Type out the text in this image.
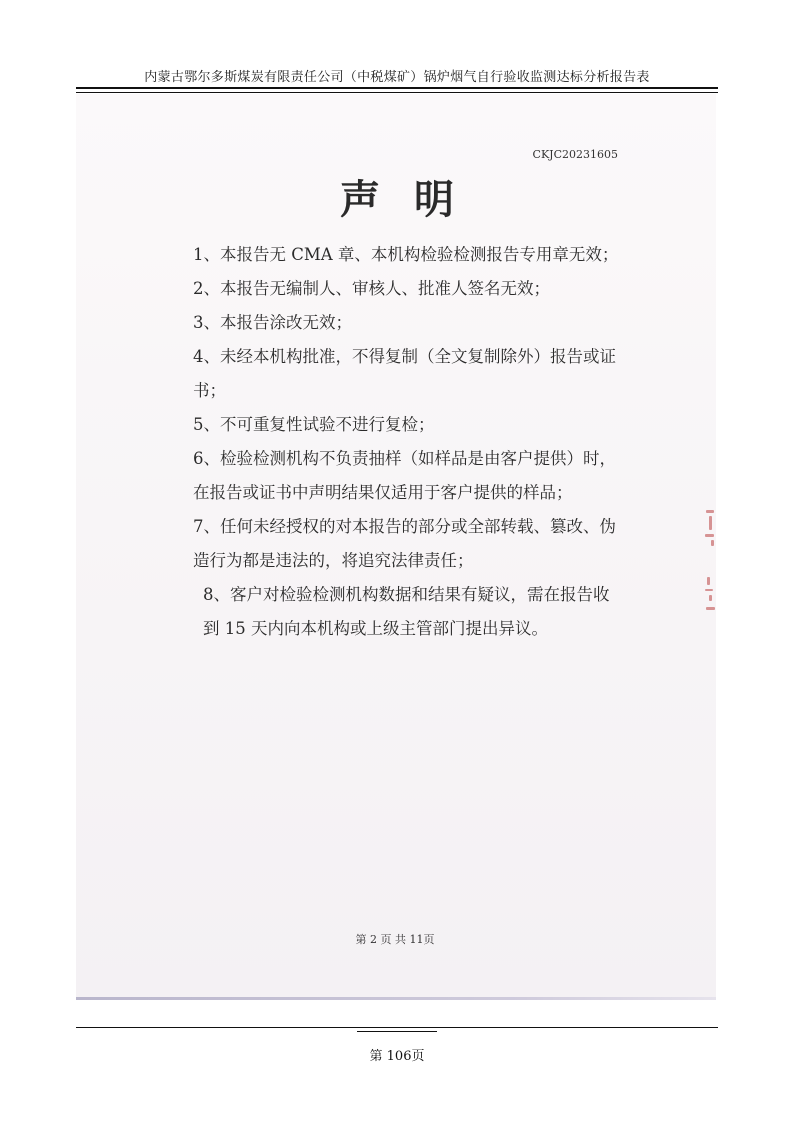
内蒙古鄂尔多斯煤炭有限责任公司（中税煤矿）锅炉烟气自行验收监测达标分析报告表
CKJC20231605
声明
1、本报告无 CMA 章、本机构检验检测报告专用章无效；
2、本报告无编制人、审核人、批准人签名无效；
3、本报告涂改无效；
4、未经本机构批准，不得复制（全文复制除外）报告或证书；
5、不可重复性试验不进行复检；
6、检验检测机构不负责抽样（如样品是由客户提供）时，在报告或证书中声明结果仅适用于客户提供的样品；
7、任何未经授权的对本报告的部分或全部转载、篡改、伪造行为都是违法的，将追究法律责任；
8、客户对检验检测机构数据和结果有疑议，需在报告收到 15 天内向本机构或上级主管部门提出异议。
第 2 页 共 11页
第 106页
